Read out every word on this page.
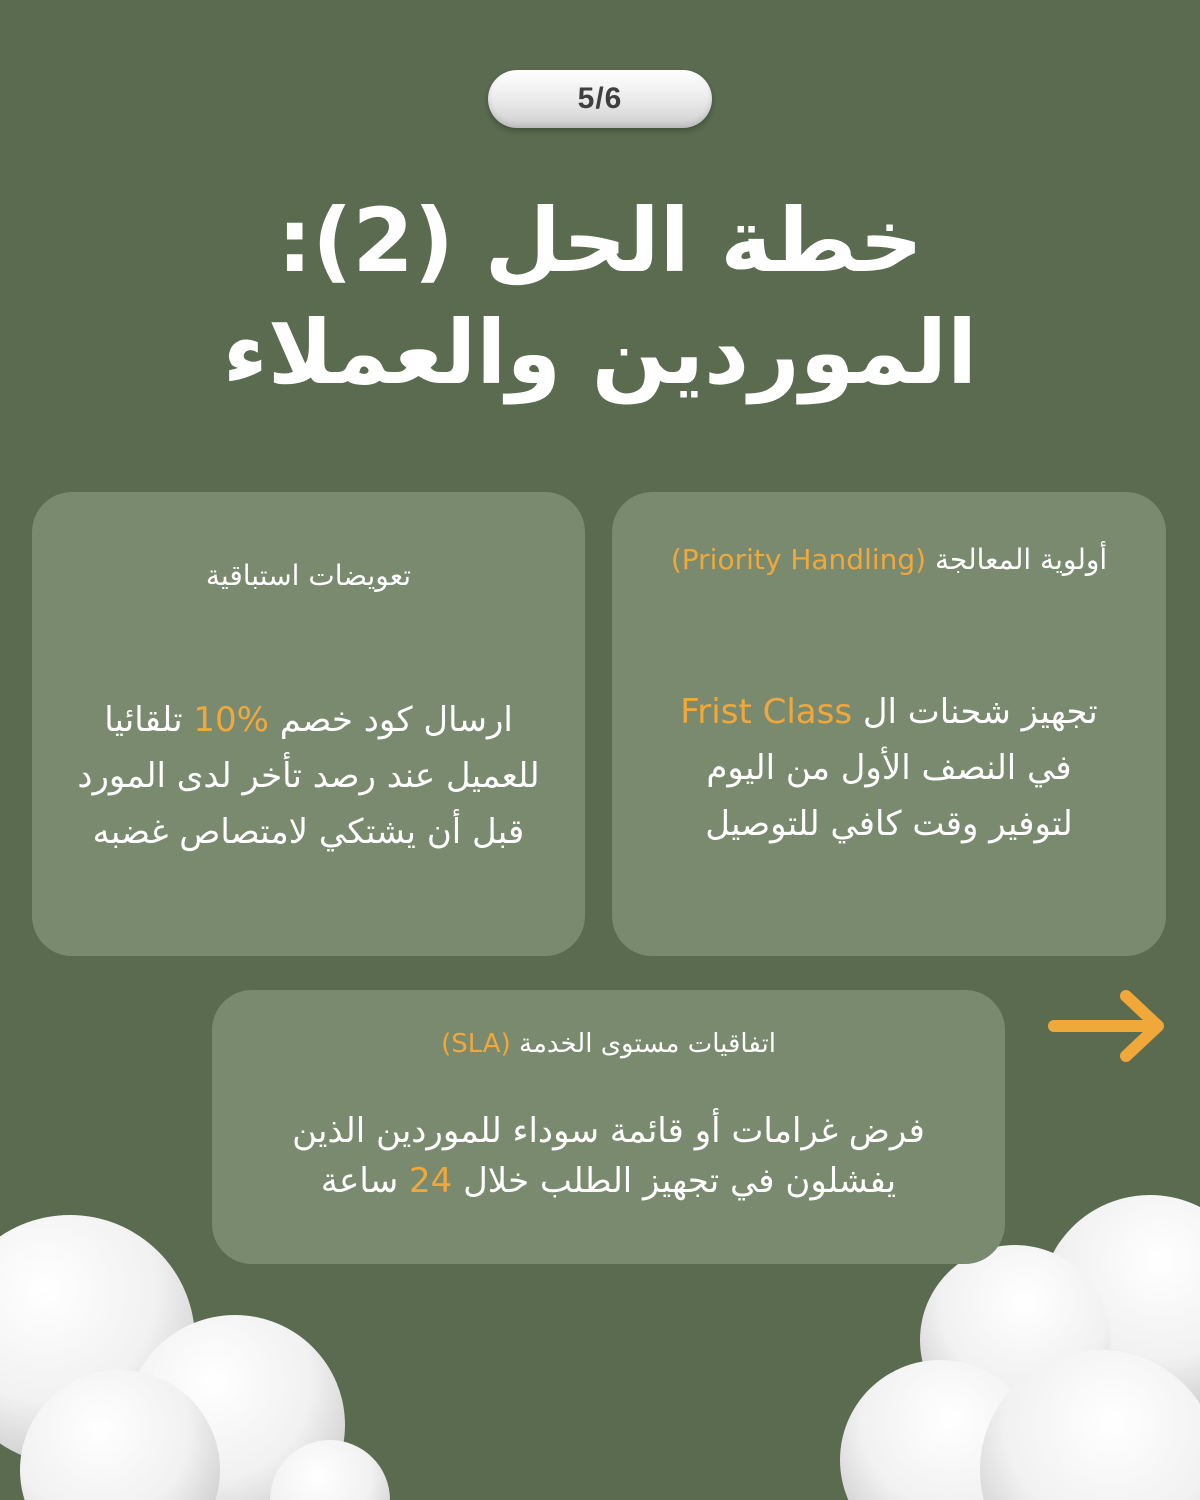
5/6
خطة الحل (2):
الموردين والعملاء

أولوية المعالجة (Priority Handling)

تجهيز شحنات ال Frist Class
في النصف الأول من اليوم
لتوفير وقت كافي للتوصيل

تعويضات استباقية

ارسال كود خصم 10% تلقائيا
للعميل عند رصد تأخر لدى المورد
قبل أن يشتكي لامتصاص غضبه

اتفاقيات مستوى الخدمة (SLA)

فرض غرامات أو قائمة سوداء للموردين الذين
يفشلون في تجهيز الطلب خلال 24 ساعة
